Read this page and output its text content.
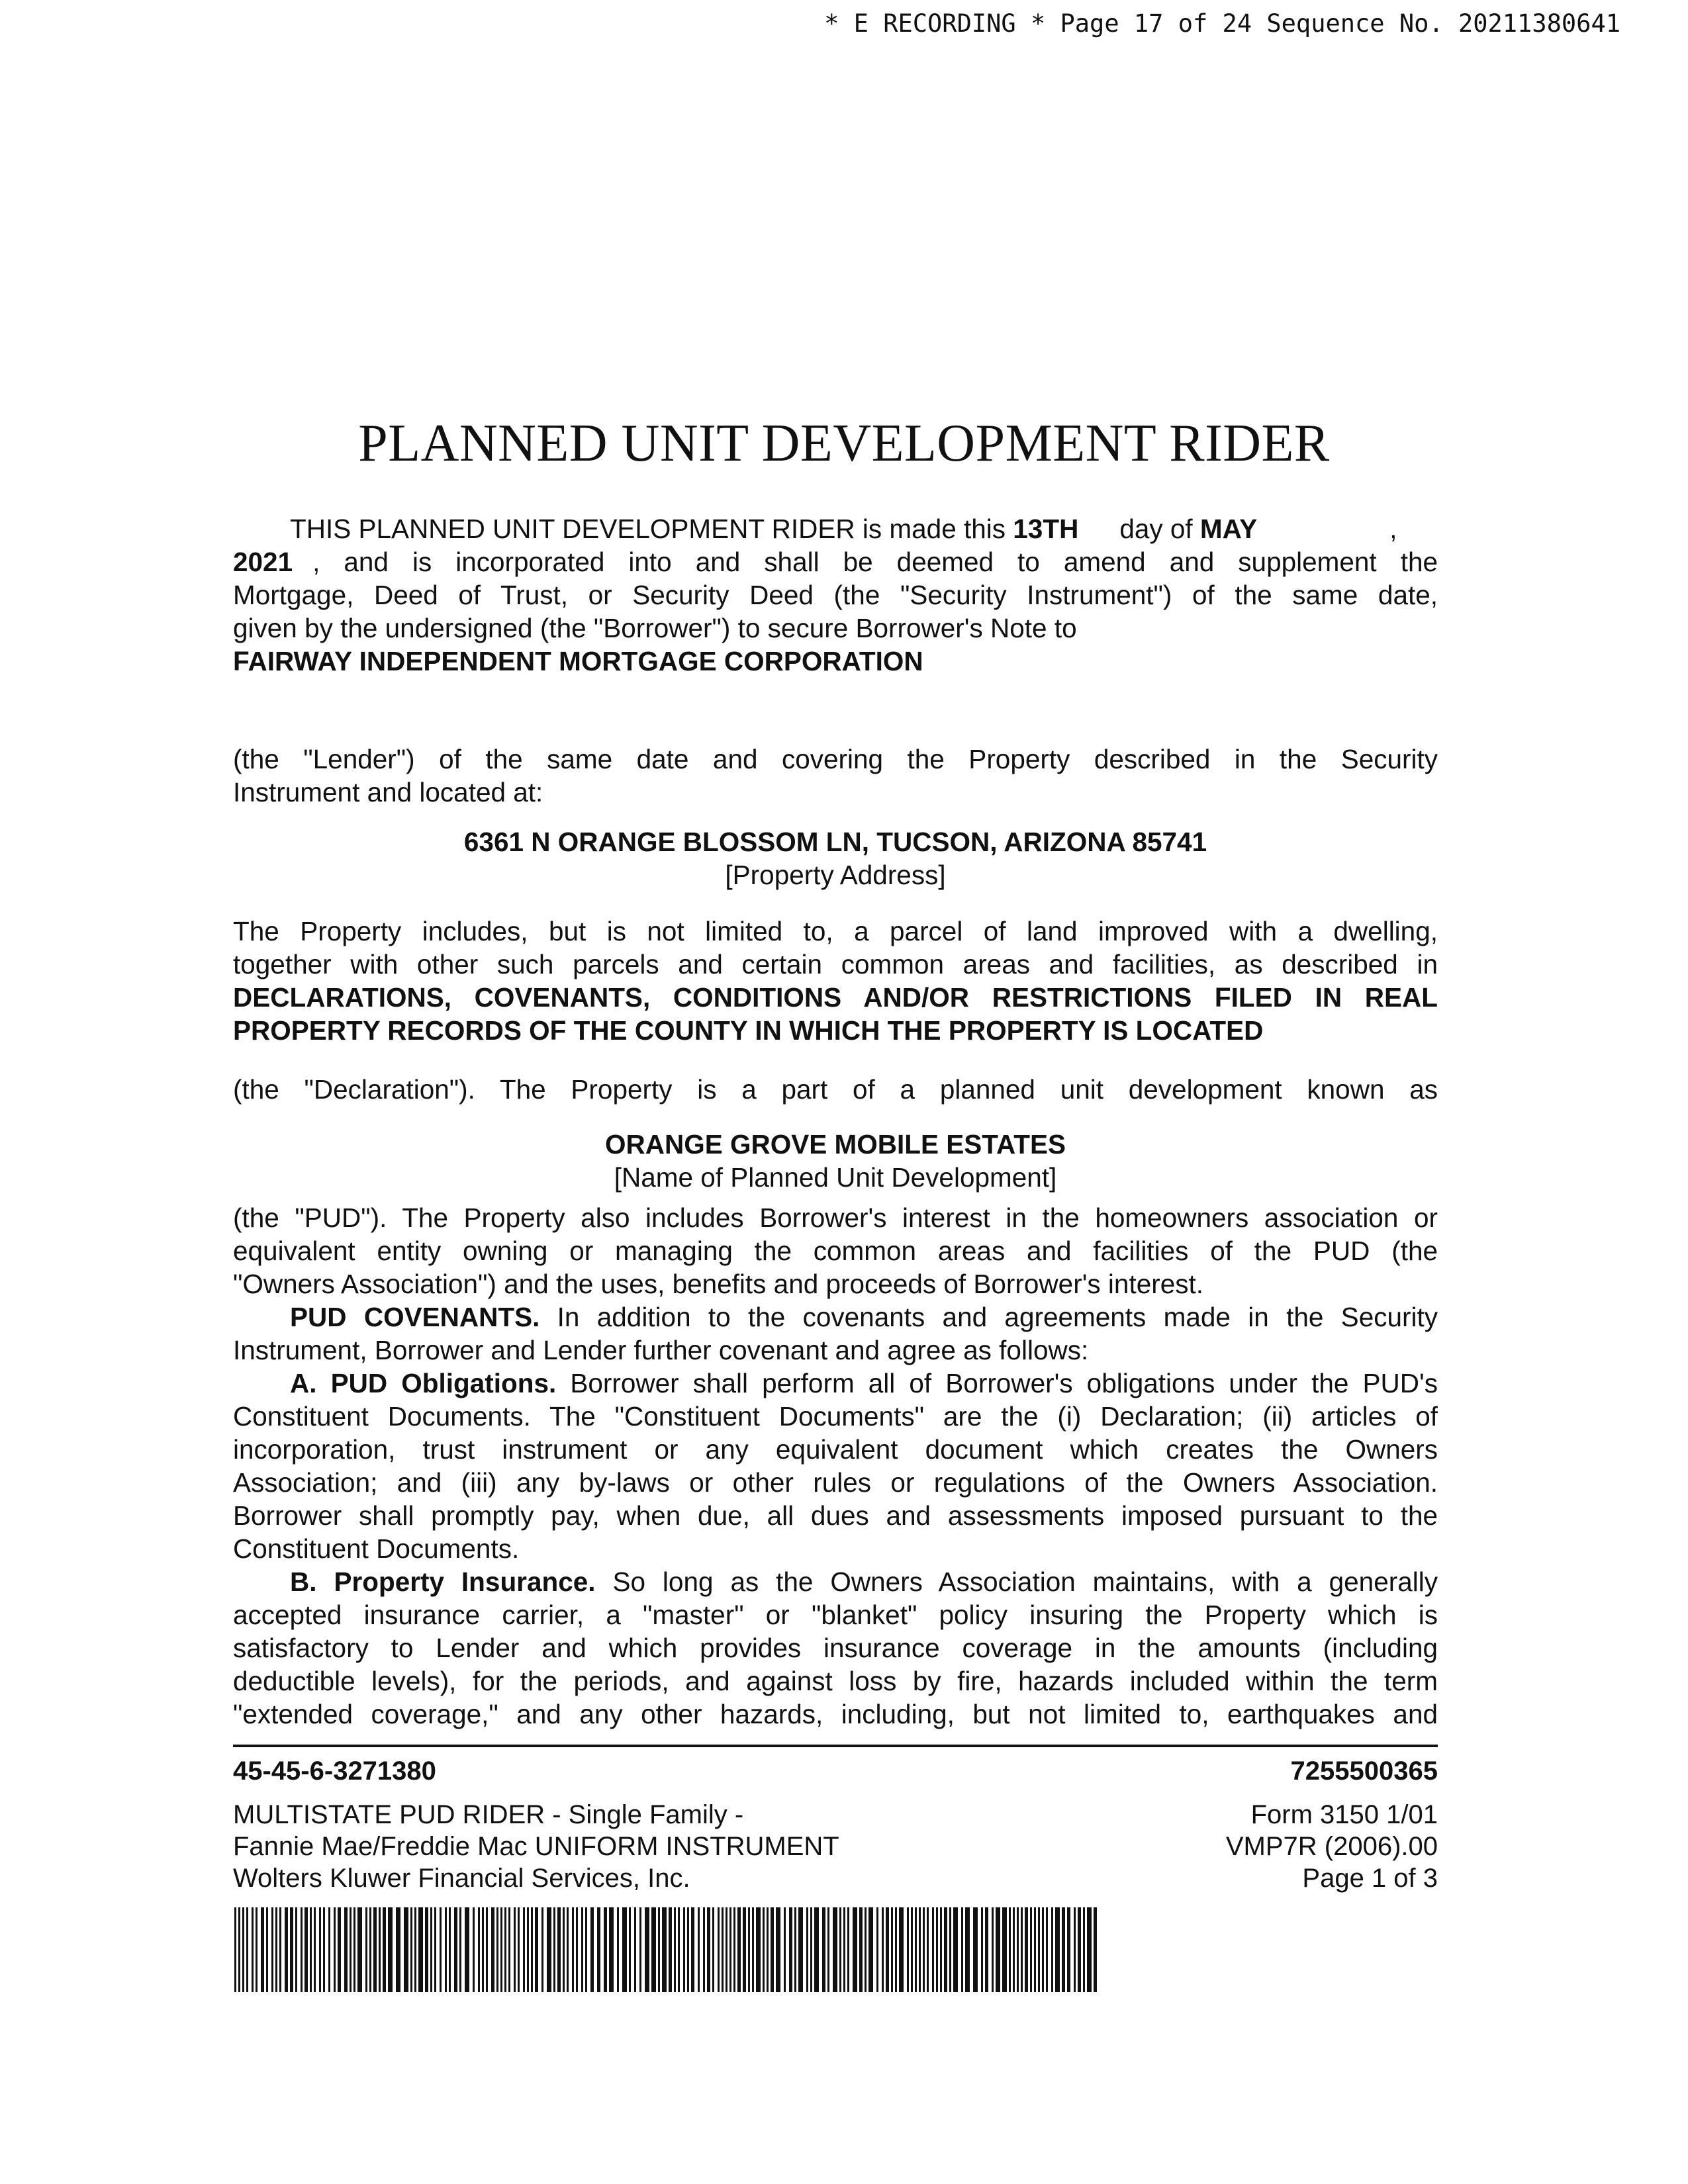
* E RECORDING * Page 17 of 24 Sequence No. 20211380641
PLANNED UNIT DEVELOPMENT RIDER

THIS PLANNED UNIT DEVELOPMENT RIDER is made this 13TH day of MAY	,

2021 , and is incorporated into and shall be deemed to amend and supplement the

Mortgage, Deed of Trust, or Security Deed (the "Security Instrument") of the same date,

given by the undersigned (the "Borrower") to secure Borrower's Note to

FAIRWAY INDEPENDENT MORTGAGE CORPORATION

(the "Lender") of the same date and covering the Property described in the Security

Instrument and located at:

6361 N ORANGE BLOSSOM LN, TUCSON, ARIZONA 85741

[Property Address]

The Property includes, but is not limited to, a parcel of land improved with a dwelling,

together with other such parcels and certain common areas and facilities, as described in

DECLARATIONS, COVENANTS, CONDITIONS AND/OR RESTRICTIONS FILED IN REAL

PROPERTY RECORDS OF THE COUNTY IN WHICH THE PROPERTY IS LOCATED

(the "Declaration"). The Property is a part of a planned unit development known as

ORANGE GROVE MOBILE ESTATES

[Name of Planned Unit Development]

(the "PUD"). The Property also includes Borrower's interest in the homeowners association or

equivalent entity owning or managing the common areas and facilities of the PUD (the

"Owners Association") and the uses, benefits and proceeds of Borrower's interest.

PUD COVENANTS. In addition to the covenants and agreements made in the Security

Instrument, Borrower and Lender further covenant and agree as follows:

A. PUD Obligations. Borrower shall perform all of Borrower's obligations under the PUD's

Constituent Documents. The "Constituent Documents" are the (i) Declaration; (ii) articles of

incorporation, trust instrument or any equivalent document which creates the Owners

Association; and (iii) any by-laws or other rules or regulations of the Owners Association.

Borrower shall promptly pay, when due, all dues and assessments imposed pursuant to the

Constituent Documents.

B. Property Insurance. So long as the Owners Association maintains, with a generally

accepted insurance carrier, a "master" or "blanket" policy insuring the Property which is

satisfactory to Lender and which provides insurance coverage in the amounts (including

deductible levels), for the periods, and against loss by fire, hazards included within the term

"extended coverage," and any other hazards, including, but not limited to, earthquakes and

45-45-6-3271380
MULTISTATE PUD RIDER - Single Family -
Fannie Mae/Freddie Mac UNIFORM INSTRUMENT
Wolters Kluwer Financial Services, Inc.
7255500365
Form 3150 1/01
VMP7R (2006).00
Page 1 of 3
